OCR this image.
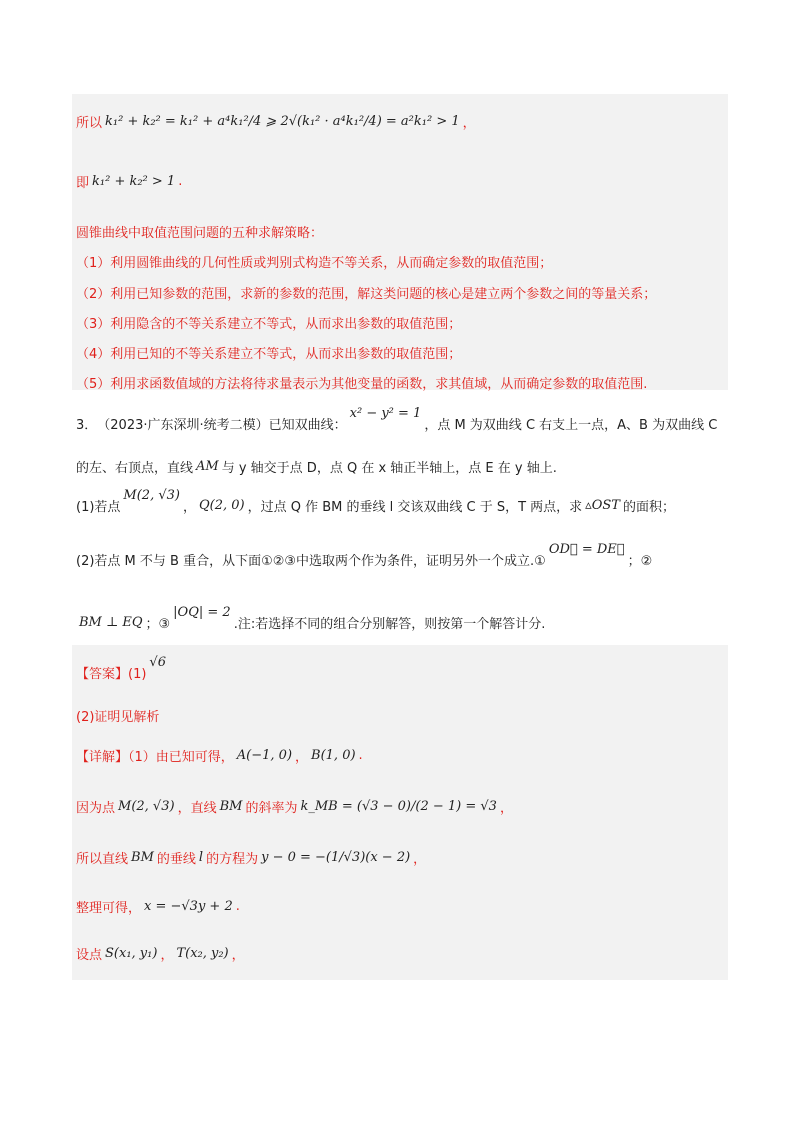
所以 k₁² + k₂² = k₁² + a⁴k₁²/4 ⩾ 2√(k₁² · a⁴k₁²/4) = a²k₁² > 1 ，
即 k₁² + k₂² > 1 .
圆锥曲线中取值范围问题的五种求解策略：
（1）利用圆锥曲线的几何性质或判别式构造不等关系，从而确定参数的取值范围；
（2）利用已知参数的范围，求新的参数的范围，解这类问题的核心是建立两个参数之间的等量关系；
（3）利用隐含的不等关系建立不等式，从而求出参数的取值范围；
（4）利用已知的不等关系建立不等式，从而求出参数的取值范围；
（5）利用求函数值域的方法将待求量表示为其他变量的函数，求其值域，从而确定参数的取值范围.
3． （2023·广东深圳·统考二模）已知双曲线：
x² − y² = 1
，点 M 为双曲线 C 右支上一点，A、B 为双曲线 C
的左、右顶点，直线 AM 与 y 轴交于点 D，点 Q 在 x 轴正半轴上，点 E 在 y 轴上.
(1)若点
M(2, √3)
， Q(2, 0) ，过点 Q 作 BM 的垂线 l 交该双曲线 C 于 S，T 两点，求 ▵OST 的面积；
(2)若点 M 不与 B 重合，从下面①②③中选取两个作为条件，证明另外一个成立.①
OD⃗ = DE⃗
；②
BM ⊥ EQ ；③
|OQ| = 2
.注:若选择不同的组合分别解答，则按第一个解答计分.
【答案】(1)
√6
(2)证明见解析
【详解】（1）由已知可得， A(−1, 0) ， B(1, 0) .
因为点 M(2, √3) ，直线 BM 的斜率为 k_MB = (√3 − 0)/(2 − 1) = √3 ，
所以直线 BM 的垂线 l 的方程为 y − 0 = −(1/√3)(x − 2) ，
整理可得， x = −√3y + 2 .
设点 S(x₁, y₁) ， T(x₂, y₂) ，
